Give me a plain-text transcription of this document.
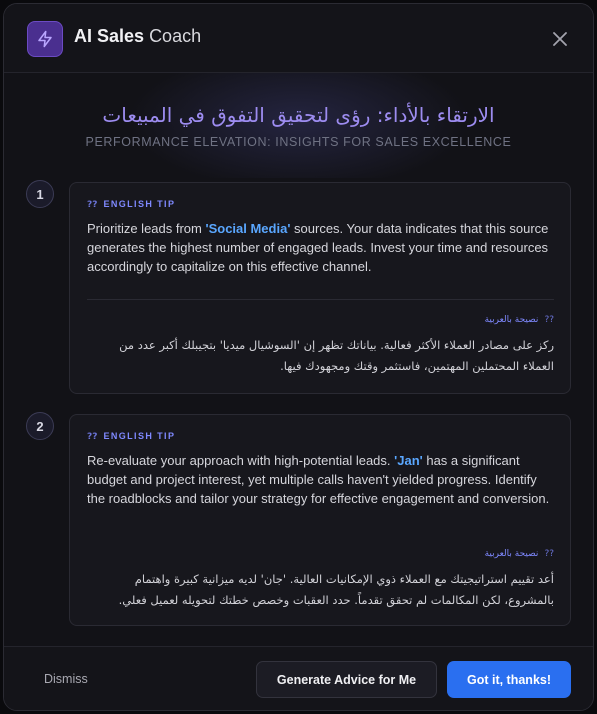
AI Sales Coach
الارتقاء بالأداء: رؤى لتحقيق التفوق في المبيعات
PERFORMANCE ELEVATION: INSIGHTS FOR SALES EXCELLENCE
1
?? ENGLISH TIP
Prioritize leads from 'Social Media' sources. Your data indicates that this source generates the highest number of engaged leads. Invest your time and resources accordingly to capitalize on this effective channel.
??نصيحة بالعربية
ركز على مصادر العملاء الأكثر فعالية. بياناتك تظهر إن 'السوشيال ميديا' بتجيبلك أكبر عدد من العملاء المحتملين المهتمين، فاستثمر وقتك ومجهودك فيها.
2
?? ENGLISH TIP
Re-evaluate your approach with high-potential leads. 'Jan' has a significant budget and project interest, yet multiple calls haven't yielded progress. Identify the roadblocks and tailor your strategy for effective engagement and conversion.
??نصيحة بالعربية
أعد تقييم استراتيجيتك مع العملاء ذوي الإمكانيات العالية. 'جان' لديه ميزانية كبيرة واهتمام بالمشروع، لكن المكالمات لم تحقق تقدماً. حدد العقبات وخصص خطتك لتحويله لعميل فعلي.
Dismiss	Generate Advice for Me	Got it, thanks!
